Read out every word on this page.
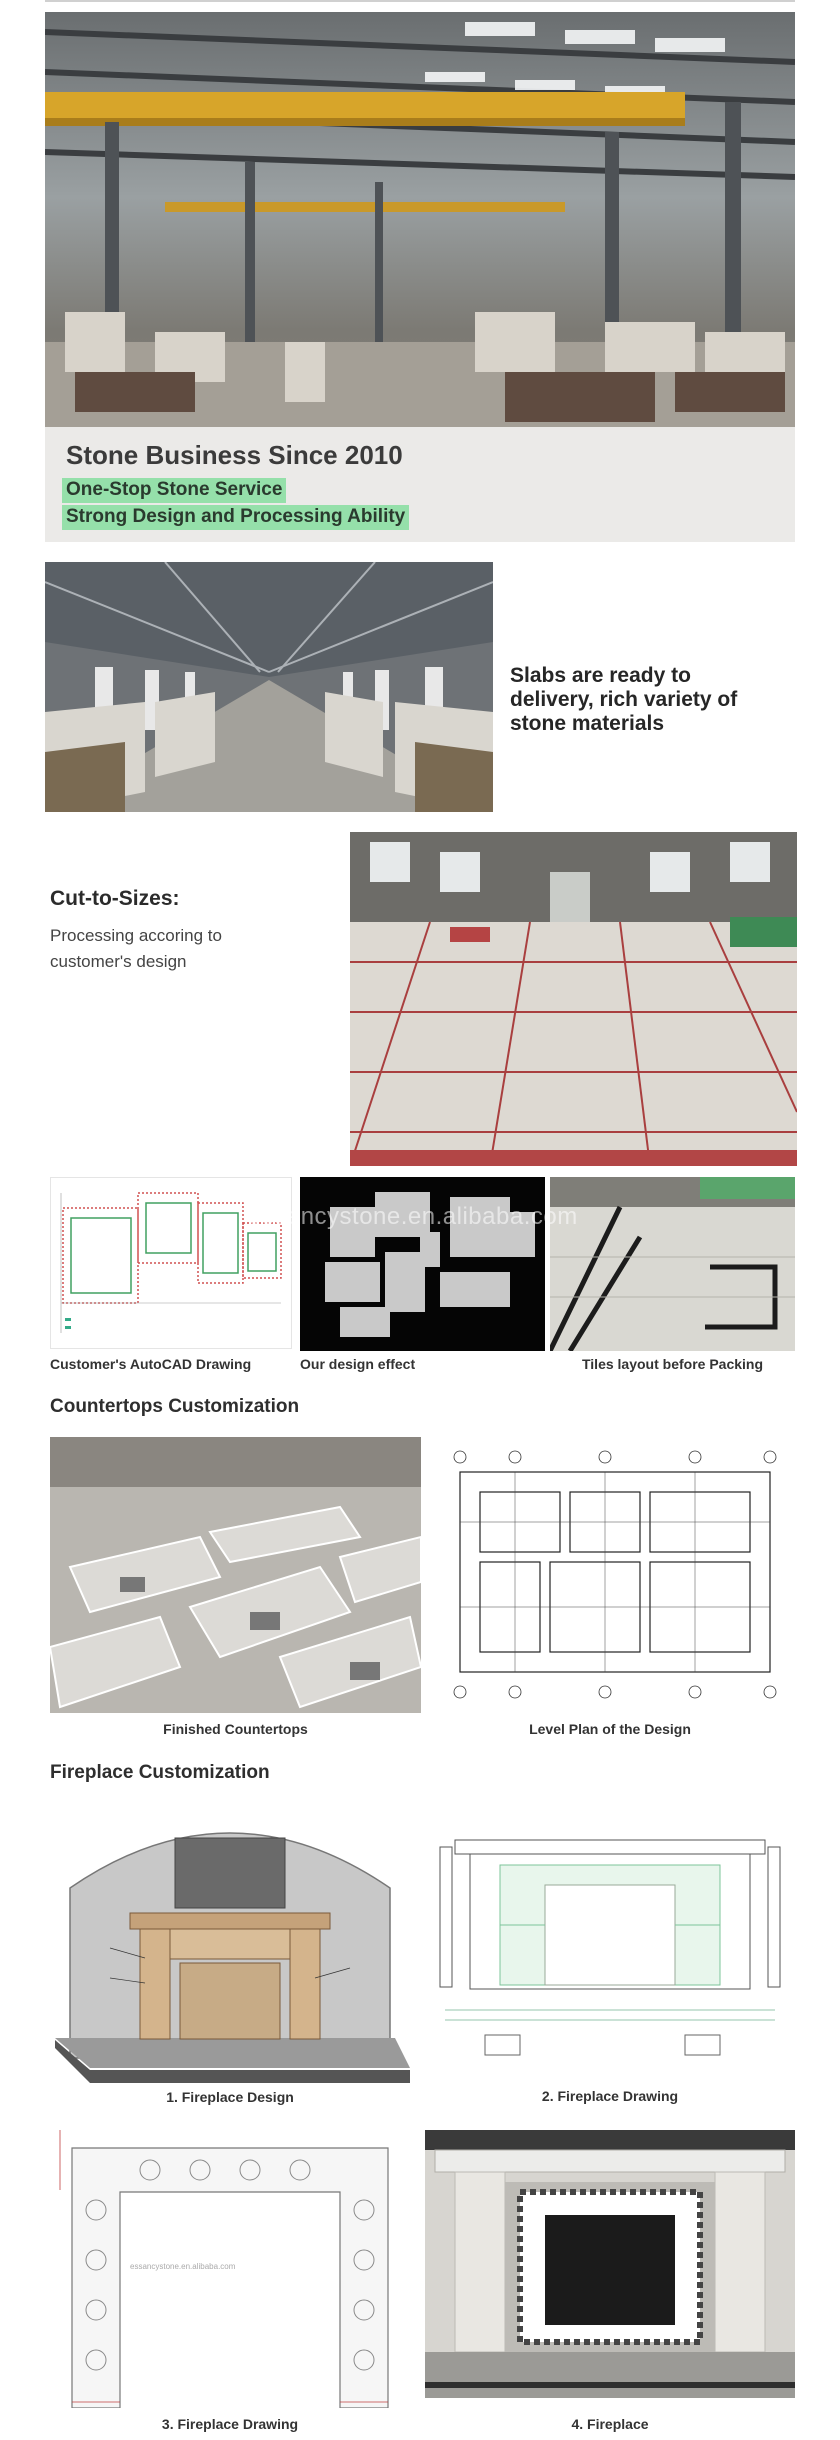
Stone Business Since 2010
One-Stop Stone Service
Strong Design and Processing Ability
Slabs are ready to delivery, rich variety of stone materials
Cut-to-Sizes:
Processing accoring to customer's design
essencystone.en.alibaba.com
Customer's AutoCAD Drawing	Our design effect	Tiles layout before Packing
Countertops Customization
Finished Countertops	Level Plan of the Design
Fireplace Customization
1. Fireplace Design	2. Fireplace Drawing
essancystone.en.alibaba.com
3. Fireplace Drawing	4. Fireplace
